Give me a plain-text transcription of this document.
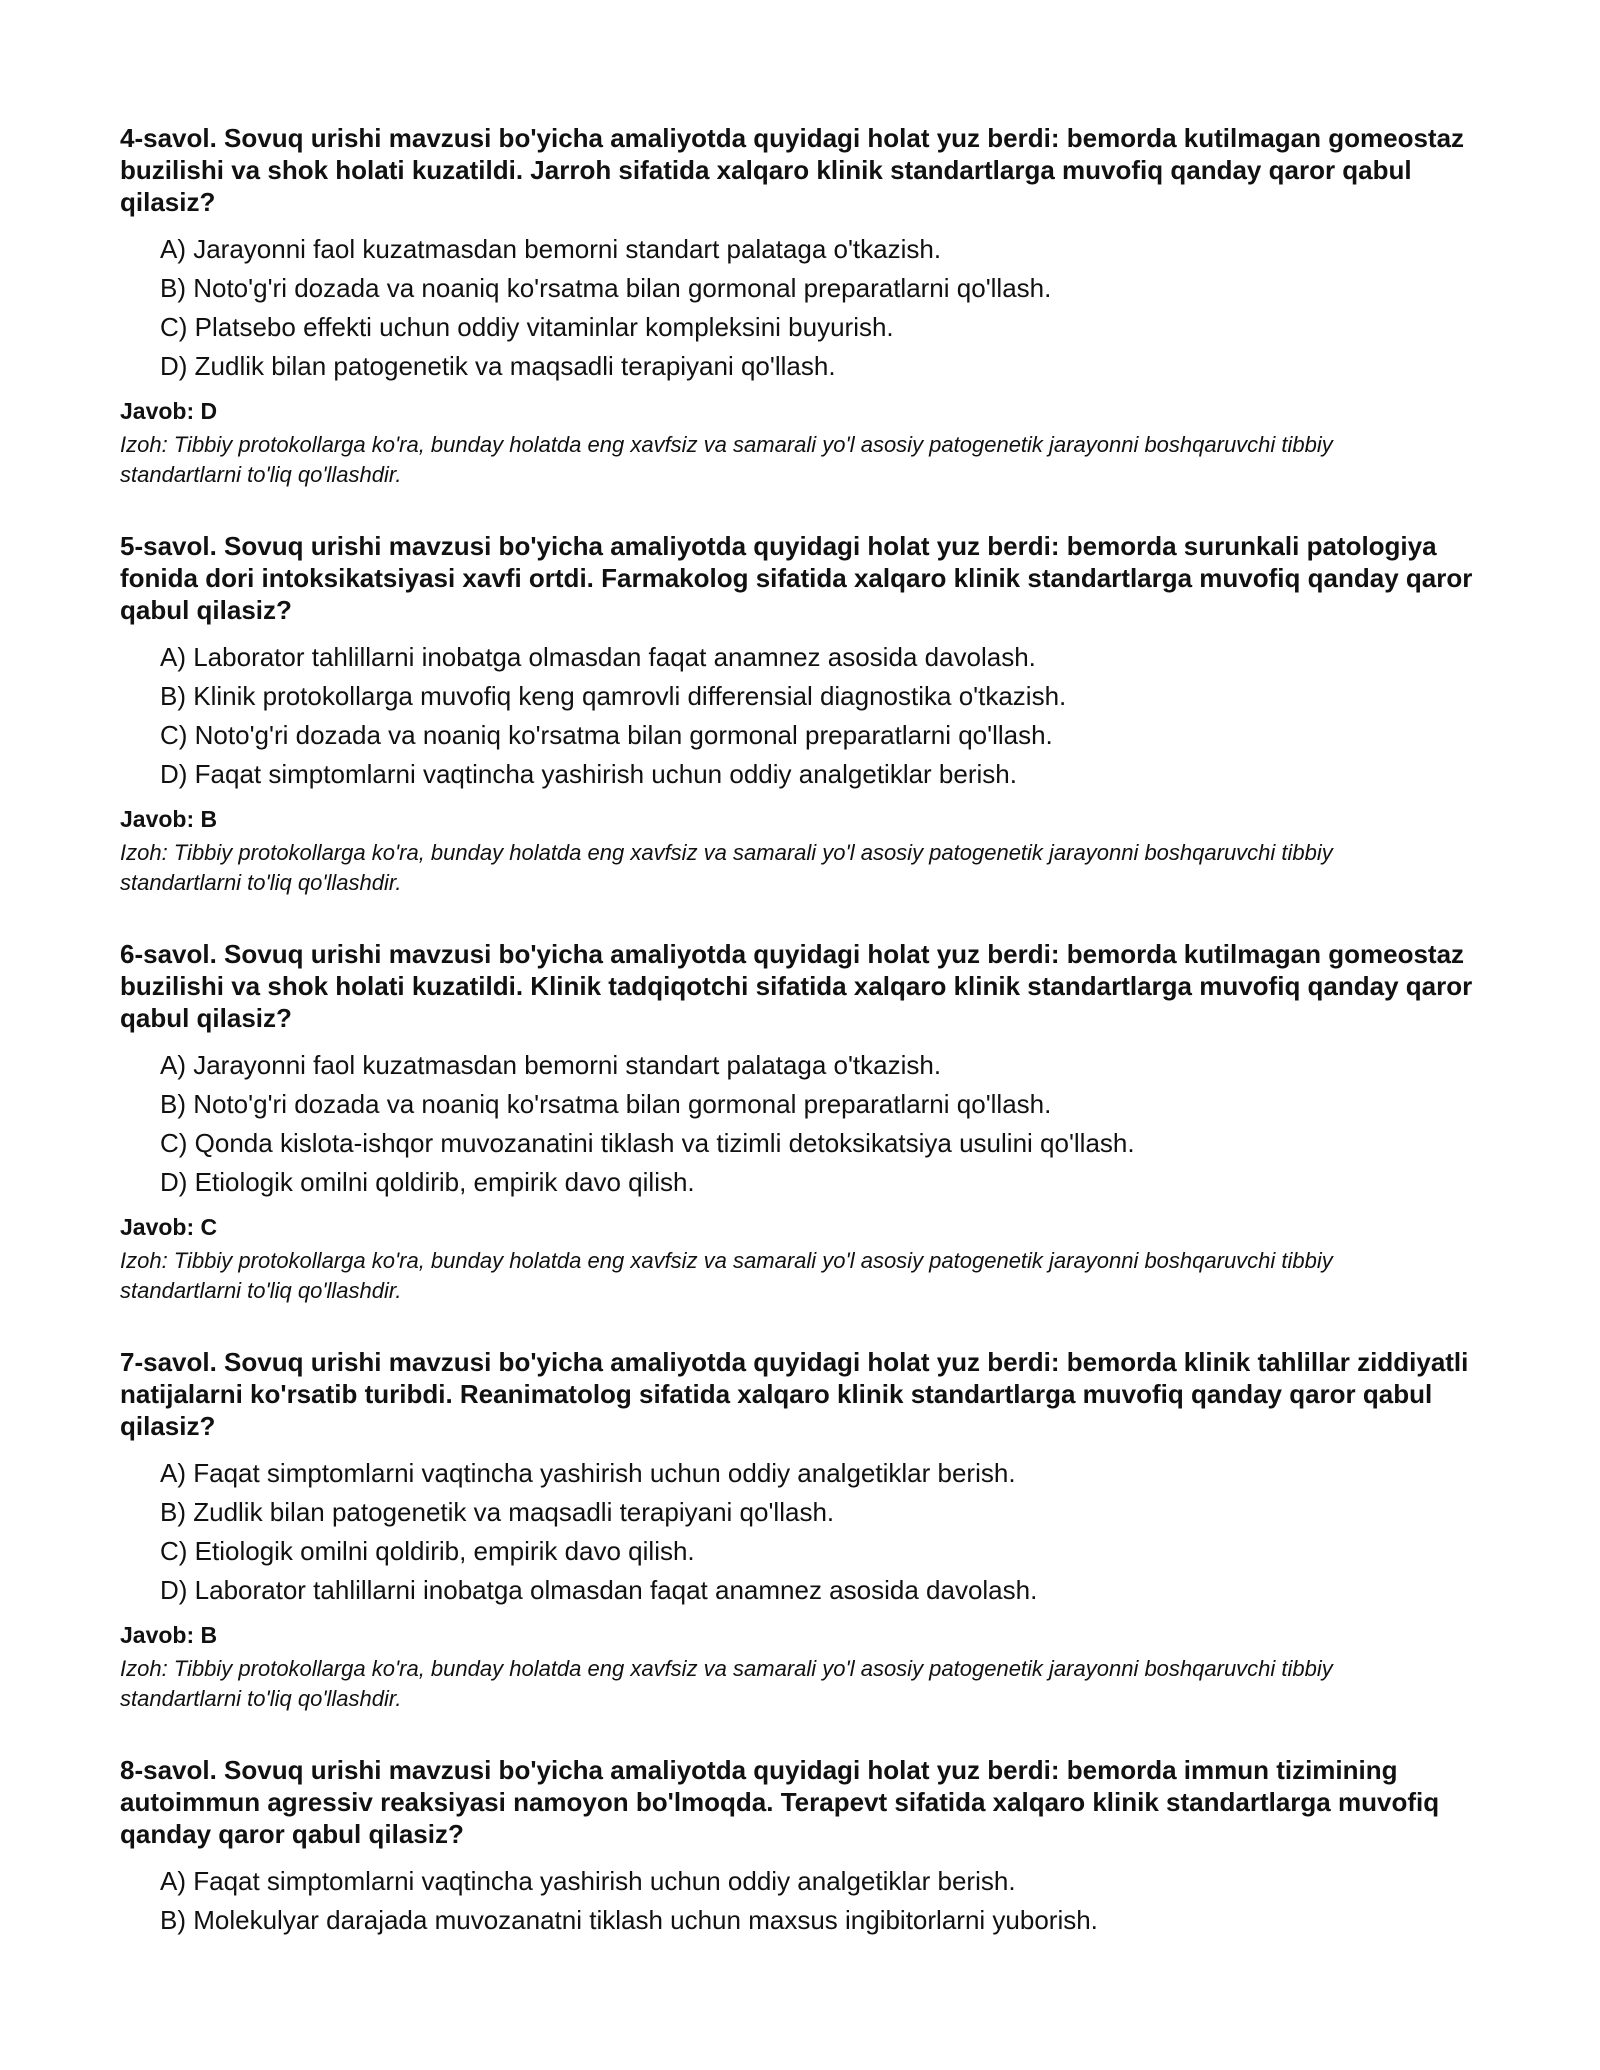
4-savol. Sovuq urishi mavzusi bo'yicha amaliyotda quyidagi holat yuz berdi: bemorda kutilmagan gomeostaz buzilishi va shok holati kuzatildi. Jarroh sifatida xalqaro klinik standartlarga muvofiq qanday qaror qabul qilasiz?

A) Jarayonni faol kuzatmasdan bemorni standart palataga o'tkazish.
B) Noto'g'ri dozada va noaniq ko'rsatma bilan gormonal preparatlarni qo'llash.
C) Platsebo effekti uchun oddiy vitaminlar kompleksini buyurish.
D) Zudlik bilan patogenetik va maqsadli terapiyani qo'llash.
Javob: D
Izoh: Tibbiy protokollarga ko'ra, bunday holatda eng xavfsiz va samarali yo'l asosiy patogenetik jarayonni boshqaruvchi tibbiy standartlarni to'liq qo'llashdir.

5-savol. Sovuq urishi mavzusi bo'yicha amaliyotda quyidagi holat yuz berdi: bemorda surunkali patologiya fonida dori intoksikatsiyasi xavfi ortdi. Farmakolog sifatida xalqaro klinik standartlarga muvofiq qanday qaror qabul qilasiz?

A) Laborator tahlillarni inobatga olmasdan faqat anamnez asosida davolash.
B) Klinik protokollarga muvofiq keng qamrovli differensial diagnostika o'tkazish.
C) Noto'g'ri dozada va noaniq ko'rsatma bilan gormonal preparatlarni qo'llash.
D) Faqat simptomlarni vaqtincha yashirish uchun oddiy analgetiklar berish.
Javob: B
Izoh: Tibbiy protokollarga ko'ra, bunday holatda eng xavfsiz va samarali yo'l asosiy patogenetik jarayonni boshqaruvchi tibbiy standartlarni to'liq qo'llashdir.

6-savol. Sovuq urishi mavzusi bo'yicha amaliyotda quyidagi holat yuz berdi: bemorda kutilmagan gomeostaz buzilishi va shok holati kuzatildi. Klinik tadqiqotchi sifatida xalqaro klinik standartlarga muvofiq qanday qaror qabul qilasiz?

A) Jarayonni faol kuzatmasdan bemorni standart palataga o'tkazish.
B) Noto'g'ri dozada va noaniq ko'rsatma bilan gormonal preparatlarni qo'llash.
C) Qonda kislota-ishqor muvozanatini tiklash va tizimli detoksikatsiya usulini qo'llash.
D) Etiologik omilni qoldirib, empirik davo qilish.
Javob: C
Izoh: Tibbiy protokollarga ko'ra, bunday holatda eng xavfsiz va samarali yo'l asosiy patogenetik jarayonni boshqaruvchi tibbiy standartlarni to'liq qo'llashdir.

7-savol. Sovuq urishi mavzusi bo'yicha amaliyotda quyidagi holat yuz berdi: bemorda klinik tahlillar ziddiyatli natijalarni ko'rsatib turibdi. Reanimatolog sifatida xalqaro klinik standartlarga muvofiq qanday qaror qabul qilasiz?

A) Faqat simptomlarni vaqtincha yashirish uchun oddiy analgetiklar berish.
B) Zudlik bilan patogenetik va maqsadli terapiyani qo'llash.
C) Etiologik omilni qoldirib, empirik davo qilish.
D) Laborator tahlillarni inobatga olmasdan faqat anamnez asosida davolash.
Javob: B
Izoh: Tibbiy protokollarga ko'ra, bunday holatda eng xavfsiz va samarali yo'l asosiy patogenetik jarayonni boshqaruvchi tibbiy standartlarni to'liq qo'llashdir.

8-savol. Sovuq urishi mavzusi bo'yicha amaliyotda quyidagi holat yuz berdi: bemorda immun tizimining autoimmun agressiv reaksiyasi namoyon bo'lmoqda. Terapevt sifatida xalqaro klinik standartlarga muvofiq qanday qaror qabul qilasiz?

A) Faqat simptomlarni vaqtincha yashirish uchun oddiy analgetiklar berish.
B) Molekulyar darajada muvozanatni tiklash uchun maxsus ingibitorlarni yuborish.
